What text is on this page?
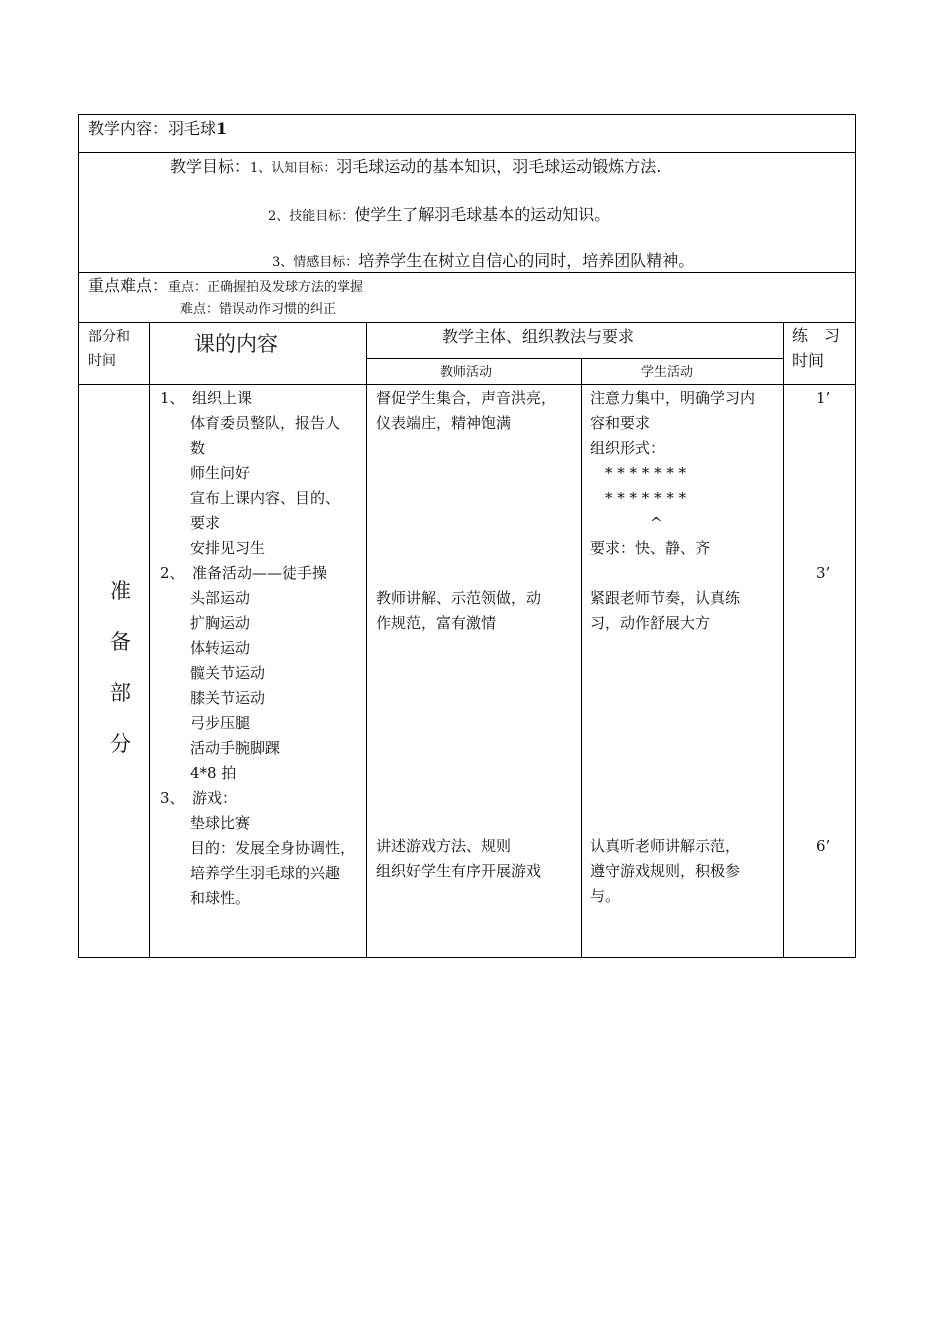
教学内容：羽毛球1
教学目标：1、认知目标：羽毛球运动的基本知识，羽毛球运动锻炼方法.
2、技能目标：使学生了解羽毛球基本的运动知识。
3、情感目标：培养学生在树立自信心的同时，培养团队精神。
重点难点：重点：正确握拍及发球方法的掌握
难点：错误动作习惯的纠正
部分和
时间
课的内容	教学主体、组织教法与要求
教师活动	学生活动
练　习
时间
准
备
部
分
1、　组织上课
　　体育委员整队，报告人
　　数
　　师生问好
　　宣布上课内容、目的、
　　要求
　　安排见习生
2、　准备活动——徒手操
　　头部运动
　　扩胸运动
　　体转运动
　　髋关节运动
　　膝关节运动
　　弓步压腿
　　活动手腕脚踝
　　4*8 拍
3、　游戏：
　　垫球比赛
　　目的：发展全身协调性，
　　培养学生羽毛球的兴趣
　　和球性。
督促学生集合，声音洪亮，
仪表端庄，精神饱满
教师讲解、示范领做，动
作规范，富有激情
讲述游戏方法、规则
组织好学生有序开展游戏
注意力集中，明确学习内
容和要求
组织形式：
　* * * * * * *
　* * * * * * *
　　　　^
要求：快、静、齐
紧跟老师节奏，认真练
习，动作舒展大方
认真听老师讲解示范，
遵守游戏规则，积极参
与。
1’
3’
6’
